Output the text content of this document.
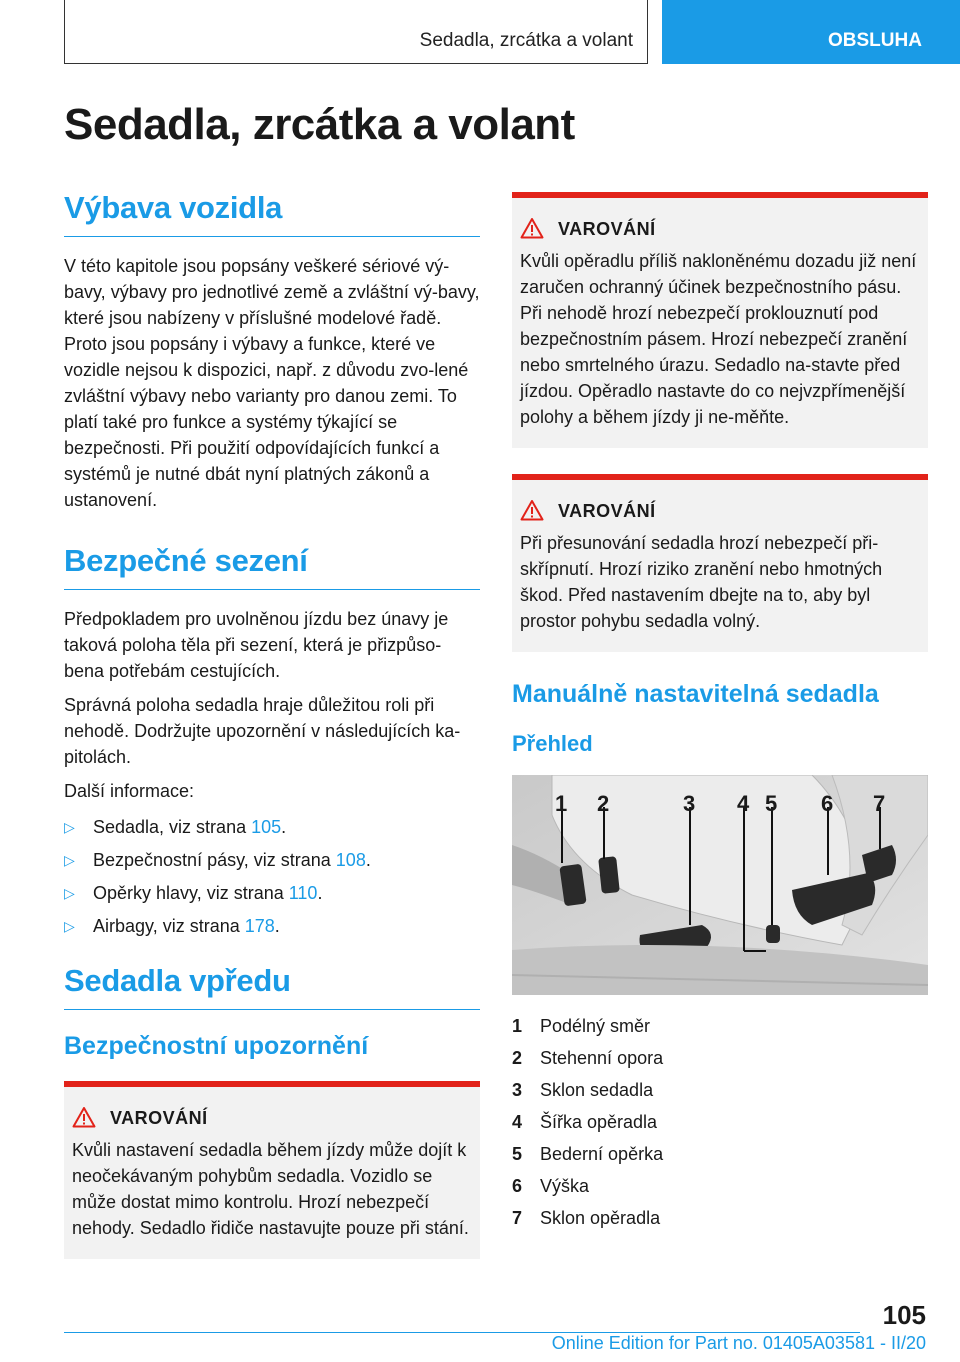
Sedadla, zrcátka a volant	OBSLUHA
Sedadla, zrcátka a volant
Výbava vozidla

V této kapitole jsou popsány veškeré sériové vý-bavy, výbavy pro jednotlivé země a zvláštní vý-bavy, které jsou nabízeny v příslušné modelové řadě. Proto jsou popsány i výbavy a funkce, které ve vozidle nejsou k dispozici, např. z důvodu zvo-lené zvláštní výbavy nebo varianty pro danou zemi. To platí také pro funkce a systémy týkající se bezpečnosti. Při použití odpovídajících funkcí a systémů je nutné dbát nyní platných zákonů a ustanovení.

Bezpečné sezení

Předpokladem pro uvolněnou jízdu bez únavy je taková poloha těla při sezení, která je přizpůso-bena potřebám cestujících.

Správná poloha sedadla hraje důležitou roli při nehodě. Dodržujte upozornění v následujících ka-pitolách.

Další informace:

▷ Sedadla, viz strana 105.
▷ Bezpečnostní pásy, viz strana 108.
▷ Opěrky hlavy, viz strana 110.
▷ Airbagy, viz strana 178.
Sedadla vpředu
Bezpečnostní upozornění
VAROVÁNÍ

Kvůli nastavení sedadla během jízdy může dojít k neočekávaným pohybům sedadla. Vozidlo se může dostat mimo kontrolu. Hrozí nebezpečí nehody. Sedadlo řidiče nastavujte pouze při stání.

VAROVÁNÍ

Kvůli opěradlu příliš nakloněnému dozadu již není zaručen ochranný účinek bezpečnostního pásu. Při nehodě hrozí nebezpečí proklouznutí pod bezpečnostním pásem. Hrozí nebezpečí zranění nebo smrtelného úrazu. Sedadlo na-stavte před jízdou. Opěradlo nastavte do co nejvzpřímenější polohy a během jízdy ji ne-měňte.

VAROVÁNÍ

Při přesunování sedadla hrozí nebezpečí při-skřípnutí. Hrozí riziko zranění nebo hmotných škod. Před nastavením dbejte na to, aby byl prostor pohybu sedadla volný.

Manuálně nastavitelná sedadla
Přehled
1 2	3 4 5 6 7
1 Podélný směr
2 Stehenní opora
3 Sklon sedadla
4 Šířka opěradla
5 Bederní opěrka
6 Výška
7 Sklon opěradla
105
Online Edition for Part no. 01405A03581 - II/20
